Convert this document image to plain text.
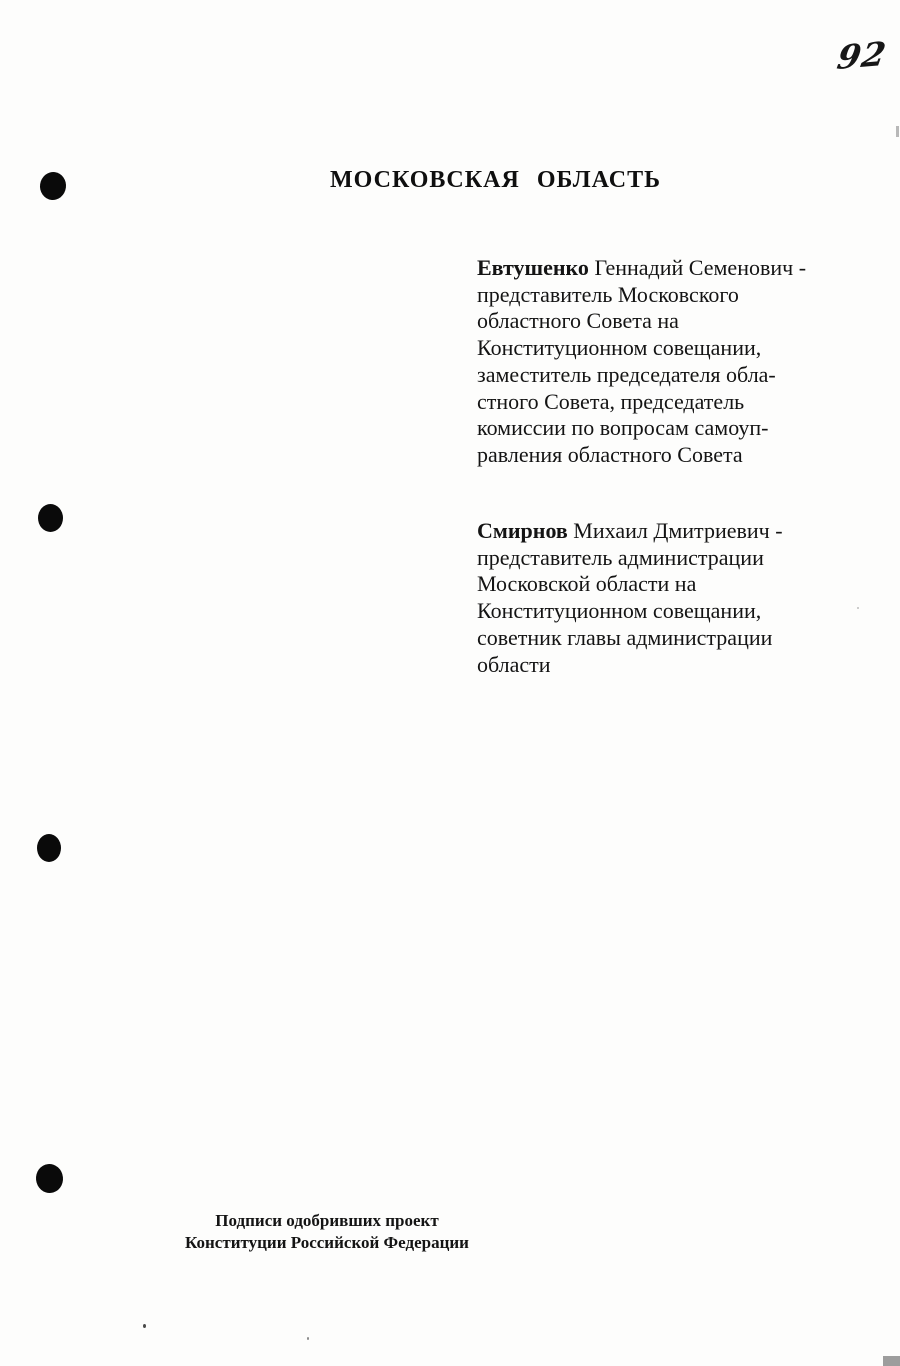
92
МОСКОВСКАЯ ОБЛАСТЬ
Евтушенко Геннадий Семенович -
представитель Московского
областного Совета на
Конституционном совещании,
заместитель председателя обла-
стного Совета, председатель
комиссии по вопросам самоуп-
равления областного Совета
Смирнов Михаил Дмитриевич -
представитель администрации
Московской области на
Конституционном совещании,
советник главы администрации
области
Подписи одобривших проект
Конституции Российской Федерации
